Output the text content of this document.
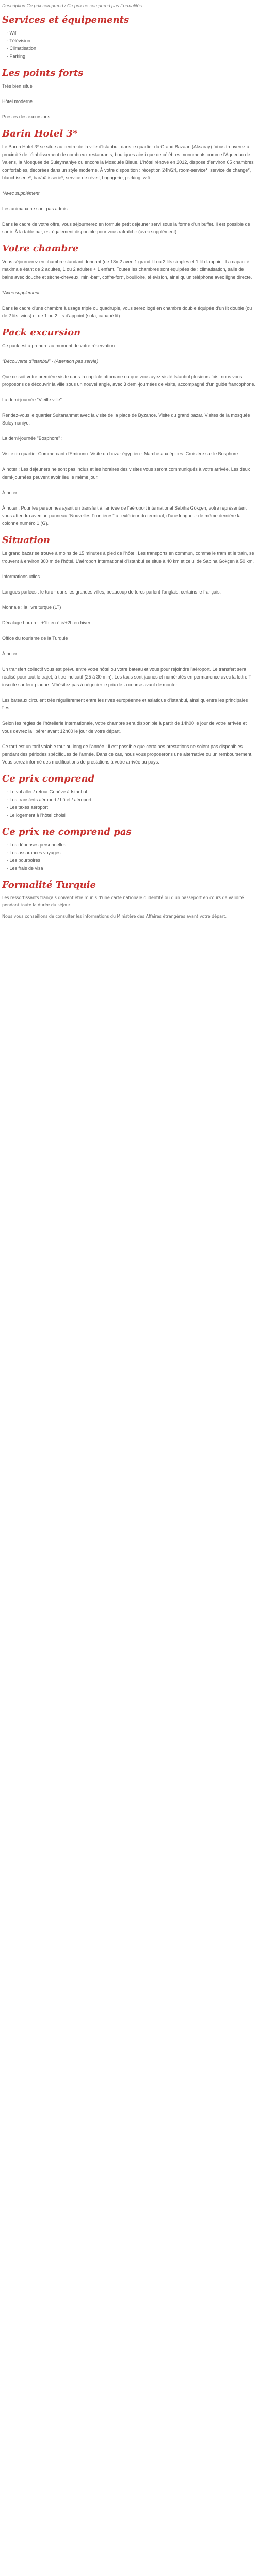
Description Ce prix comprend / Ce prix ne comprend pas Formalités

Services et équipements
- Wifi
- Télévision
- Climatisation
- Parking
Les points forts

Très bien situé

Hôtel moderne

Prestes des excursions

Barin Hotel 3*

Le Baron Hotel 3* se situe au centre de la ville d'Istanbul, dans le quartier du Grand Bazaar. (Aksaray). Vous trouverez à proximité de l'établissement de nombreux restaurants, boutiques ainsi que de célèbres monuments comme l'Aqueduc de Valens, la Mosquée de Suleymaniye ou encore la Mosquée Bleue. L'hôtel rénové en 2012, dispose d'environ 65 chambres confortables, décorées dans un style moderne. À votre disposition : réception 24h/24, room-service*, service de change*, blanchisserie*, bar/pâtisserie*, service de réveil, bagagerie, parking, wifi.

*Avec supplément

Les animaux ne sont pas admis.

Dans le cadre de votre offre, vous séjournerez en formule petit déjeuner servi sous la forme d'un buffet. Il est possible de sortir. À la table bar, est également disponible pour vous rafraîchir (avec supplément).

Votre chambre

Vous séjournerez en chambre standard donnant (de 18m2 avec 1 grand lit ou 2 lits simples et 1 lit d'appoint. La capacité maximale étant de 2 adultes, 1 ou 2 adultes + 1 enfant. Toutes les chambres sont équipées de : climatisation, salle de bains avec douche et sèche-cheveux, mini-bar*, coffre-fort*, bouilloire, télévision, ainsi qu'un téléphone avec ligne directe.

*Avec supplément

Dans le cadre d'une chambre à usage triple ou quadruple, vous serez logé en chambre double équipée d'un lit double (ou de 2 lits twins) et de 1 ou 2 lits d'appoint (sofa, canapé lit).

Pack excursion

Ce pack est à prendre au moment de votre réservation.

"Découverte d'Istanbul" - (Attention pas servie)

Que ce soit votre première visite dans la capitale ottomane ou que vous ayez visité Istanbul plusieurs fois, nous vous proposons de découvrir la ville sous un nouvel angle, avec 3 demi-journées de visite, accompagné d'un guide francophone.

La demi-journée "Vieille ville" :

Rendez-vous le quartier Sultanahmet avec la visite de la place de Byzance. Visite du grand bazar. Visites de la mosquée Suleymaniye.

La demi-journée "Bosphore" :

Visite du quartier Commercant d'Eminonu. Visite du bazar égyptien - Marché aux épices. Croisière sur le Bosphore.

À noter : Les déjeuners ne sont pas inclus et les horaires des visites vous seront communiqués à votre arrivée. Les deux demi-journées peuvent avoir lieu le même jour.

À noter

À noter : Pour les personnes ayant un transfert à l'arrivée de l'aéroport international Sabiha Gökçen, votre représentant vous attendra avec un panneau "Nouvelles Frontières" à l'extérieur du terminal, d'une longueur de même dernière la colonne numéro 1 (G).

Situation

Le grand bazar se trouve à moins de 15 minutes à pied de l'hôtel. Les transports en commun, comme le tram et le train, se trouvent à environ 300 m de l'hôtel. L'aéroport international d'Istanbul se situe à 40 km et celui de Sabiha Gokçen à 50 km.

Informations utiles

Langues parlées : le turc - dans les grandes villes, beaucoup de turcs parlent l'anglais, certains le français.

Monnaie : la livre turque (LT)

Décalage horaire : +1h en été/+2h en hiver

Office du tourisme de la Turquie

À noter

Un transfert collectif vous est prévu entre votre hôtel ou votre bateau et vous pour rejoindre l'aéroport. Le transfert sera réalisé pour tout le trajet, à titre indicatif (25 à 30 min). Les taxis sont jaunes et numérotés en permanence avec la lettre T inscrite sur leur plaque. N'hésitez pas à négocier le prix de la course avant de monter.

Les bateaux circulent très régulièrement entre les rives européenne et asiatique d'Istanbul, ainsi qu'entre les principales îles.

Selon les règles de l'hôtellerie internationale, votre chambre sera disponible à partir de 14h00 le jour de votre arrivée et vous devrez la libérer avant 12h00 le jour de votre départ.

Ce tarif est un tarif valable tout au long de l'année : il est possible que certaines prestations ne soient pas disponibles pendant des périodes spécifiques de l'année. Dans ce cas, nous vous proposerons une alternative ou un remboursement. Vous serez informé des modifications de prestations à votre arrivée au pays.

Ce prix comprend
- Le vol aller / retour Genève à Istanbul
- Les transferts aéroport / hôtel / aéroport
- Les taxes aéroport
- Le logement à l'hôtel choisi
Ce prix ne comprend pas
- Les dépenses personnelles
- Les assurances voyages
- Les pourboires
- Les frais de visa
Formalité Turquie

Les ressortissants français doivent être munis d'une carte nationale d'identité ou d'un passeport en cours de validité pendant toute la durée du séjour.

Nous vous conseillons de consulter les informations du Ministère des Affaires étrangères avant votre départ.
